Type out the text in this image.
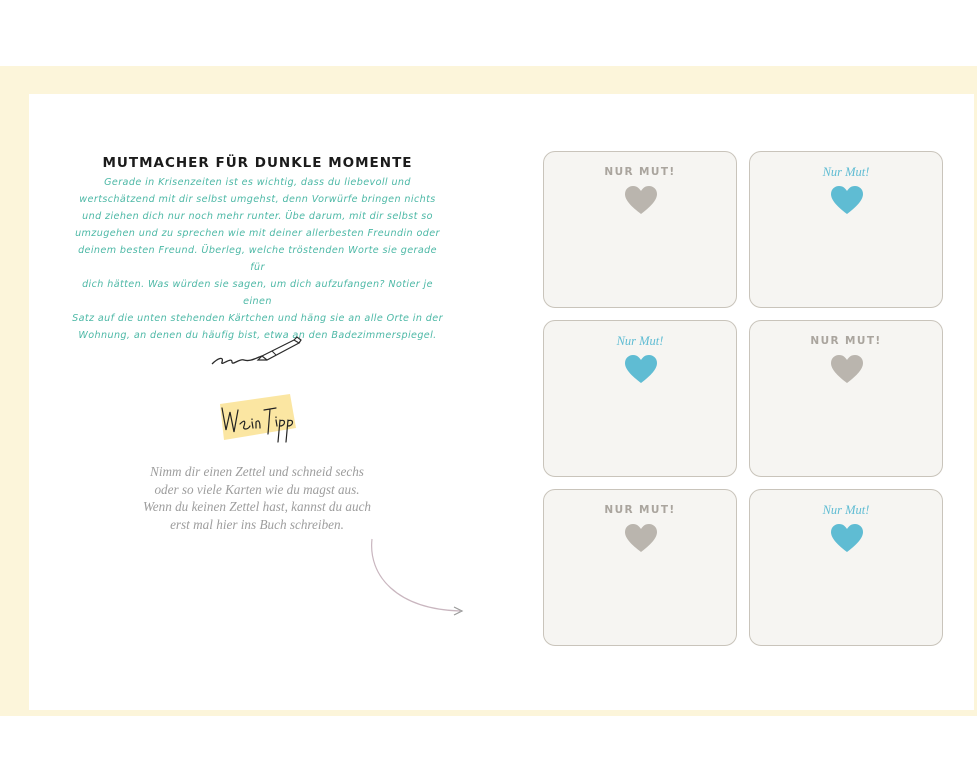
MUTMACHER FÜR DUNKLE MOMENTE

Gerade in Krisenzeiten ist es wichtig, dass du liebevoll und
wertschätzend mit dir selbst umgehst, denn Vorwürfe bringen nichts
und ziehen dich nur noch mehr runter. Übe darum, mit dir selbst so
umzugehen und zu sprechen wie mit deiner allerbesten Freundin oder
deinem besten Freund. Überleg, welche tröstenden Worte sie gerade für
dich hätten. Was würden sie sagen, um dich aufzufangen? Notier je einen
Satz auf die unten stehenden Kärtchen und häng sie an alle Orte in der
Wohnung, an denen du häufig bist, etwa an den Badezimmerspiegel.

Nimm dir einen Zettel und schneid sechs
oder so viele Karten wie du magst aus.
Wenn du keinen Zettel hast, kannst du auch
erst mal hier ins Buch schreiben.

NUR MUT!	Nur Mut!
Nur Mut!	NUR MUT!
NUR MUT!	Nur Mut!
